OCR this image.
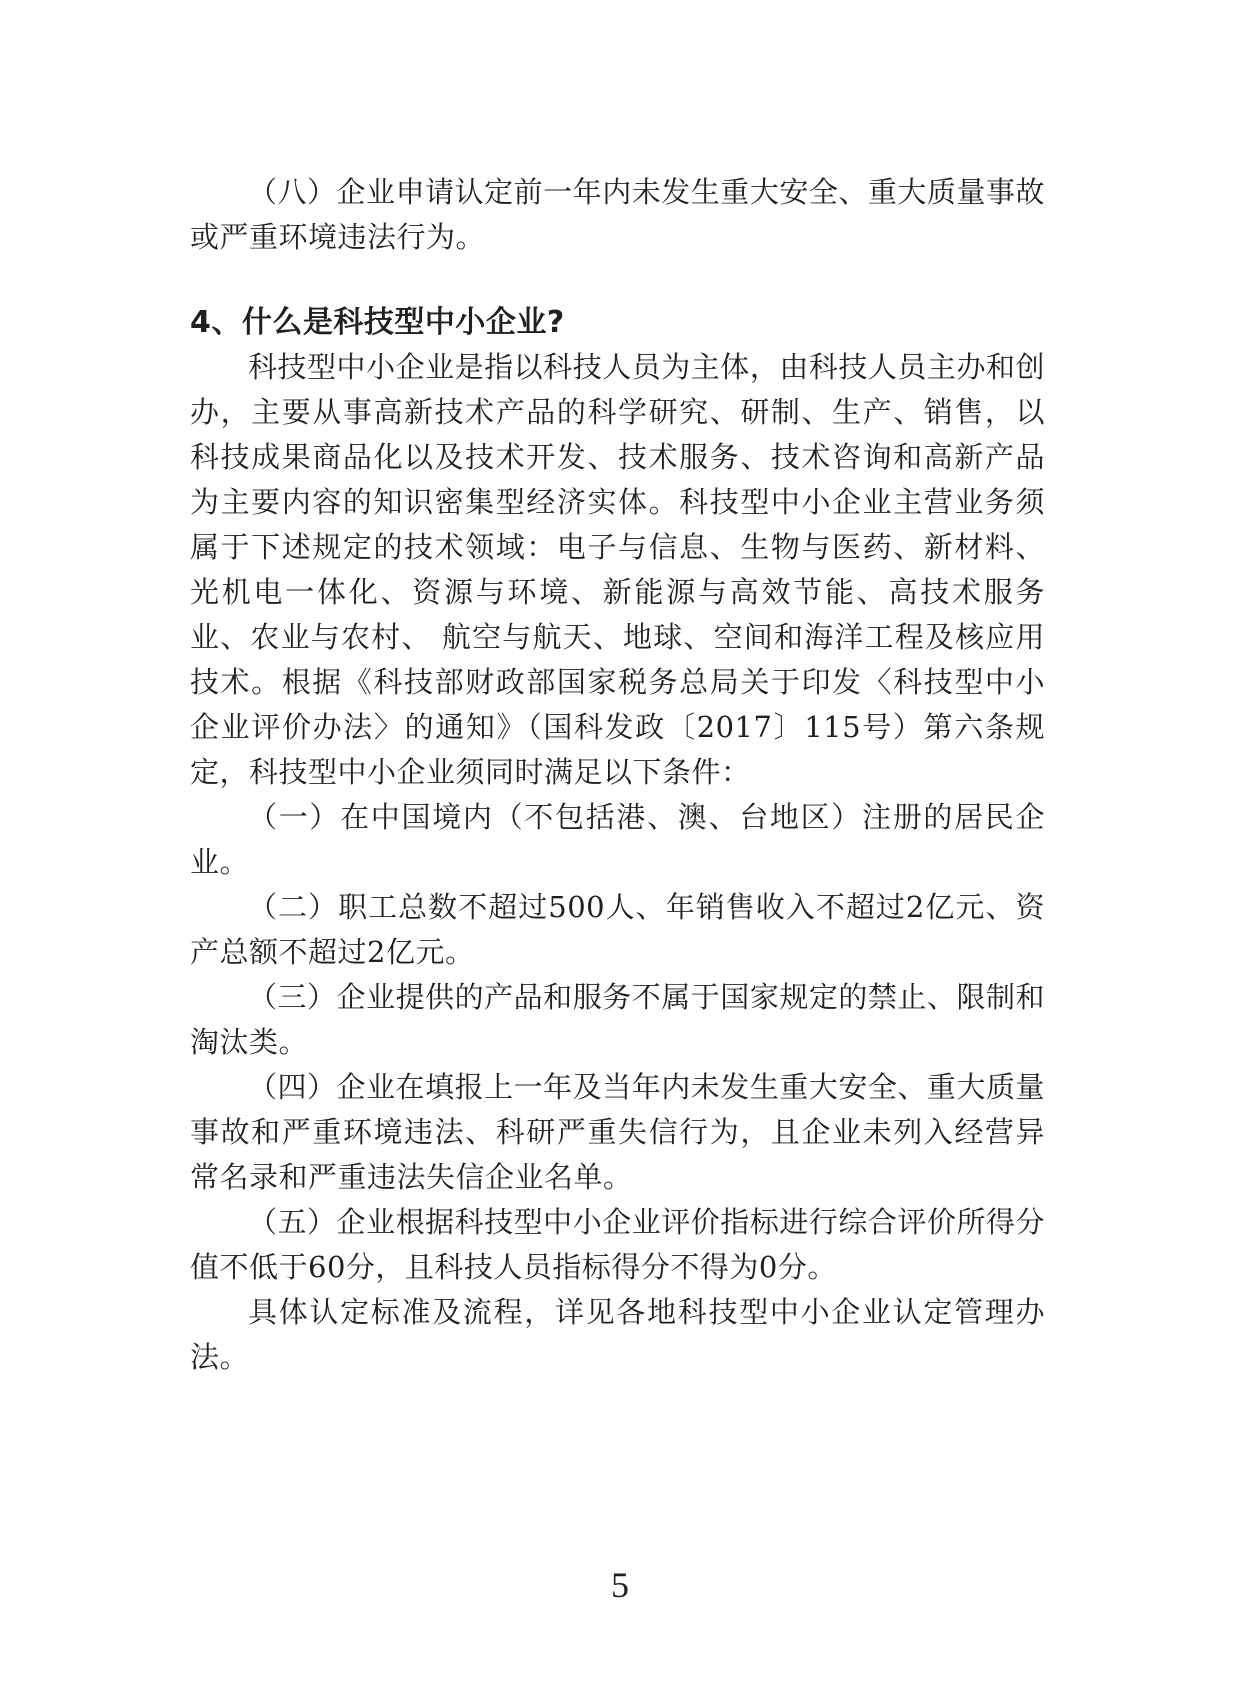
（八）企业申请认定前一年内未发生重大安全、重大质量事故或严重环境违法行为。

4、什么是科技型中小企业?

科技型中小企业是指以科技人员为主体，由科技人员主办和创办，主要从事高新技术产品的科学研究、研制、生产、销售，以科技成果商品化以及技术开发、技术服务、技术咨询和高新产品为主要内容的知识密集型经济实体。科技型中小企业主营业务须属于下述规定的技术领域：电子与信息、生物与医药、新材料、光机电一体化、资源与环境、新能源与高效节能、高技术服务业、农业与农村、 航空与航天、地球、空间和海洋工程及核应用技术。根据《科技部财政部国家税务总局关于印发〈科技型中小企业评价办法〉的通知》（国科发政〔2017〕115号）第六条规定，科技型中小企业须同时满足以下条件：

（一）在中国境内（不包括港、澳、台地区）注册的居民企业。

（二）职工总数不超过500人、年销售收入不超过2亿元、资产总额不超过2亿元。

（三）企业提供的产品和服务不属于国家规定的禁止、限制和淘汰类。

（四）企业在填报上一年及当年内未发生重大安全、重大质量事故和严重环境违法、科研严重失信行为，且企业未列入经营异常名录和严重违法失信企业名单。

（五）企业根据科技型中小企业评价指标进行综合评价所得分值不低于60分，且科技人员指标得分不得为0分。

具体认定标准及流程，详见各地科技型中小企业认定管理办法。

5
